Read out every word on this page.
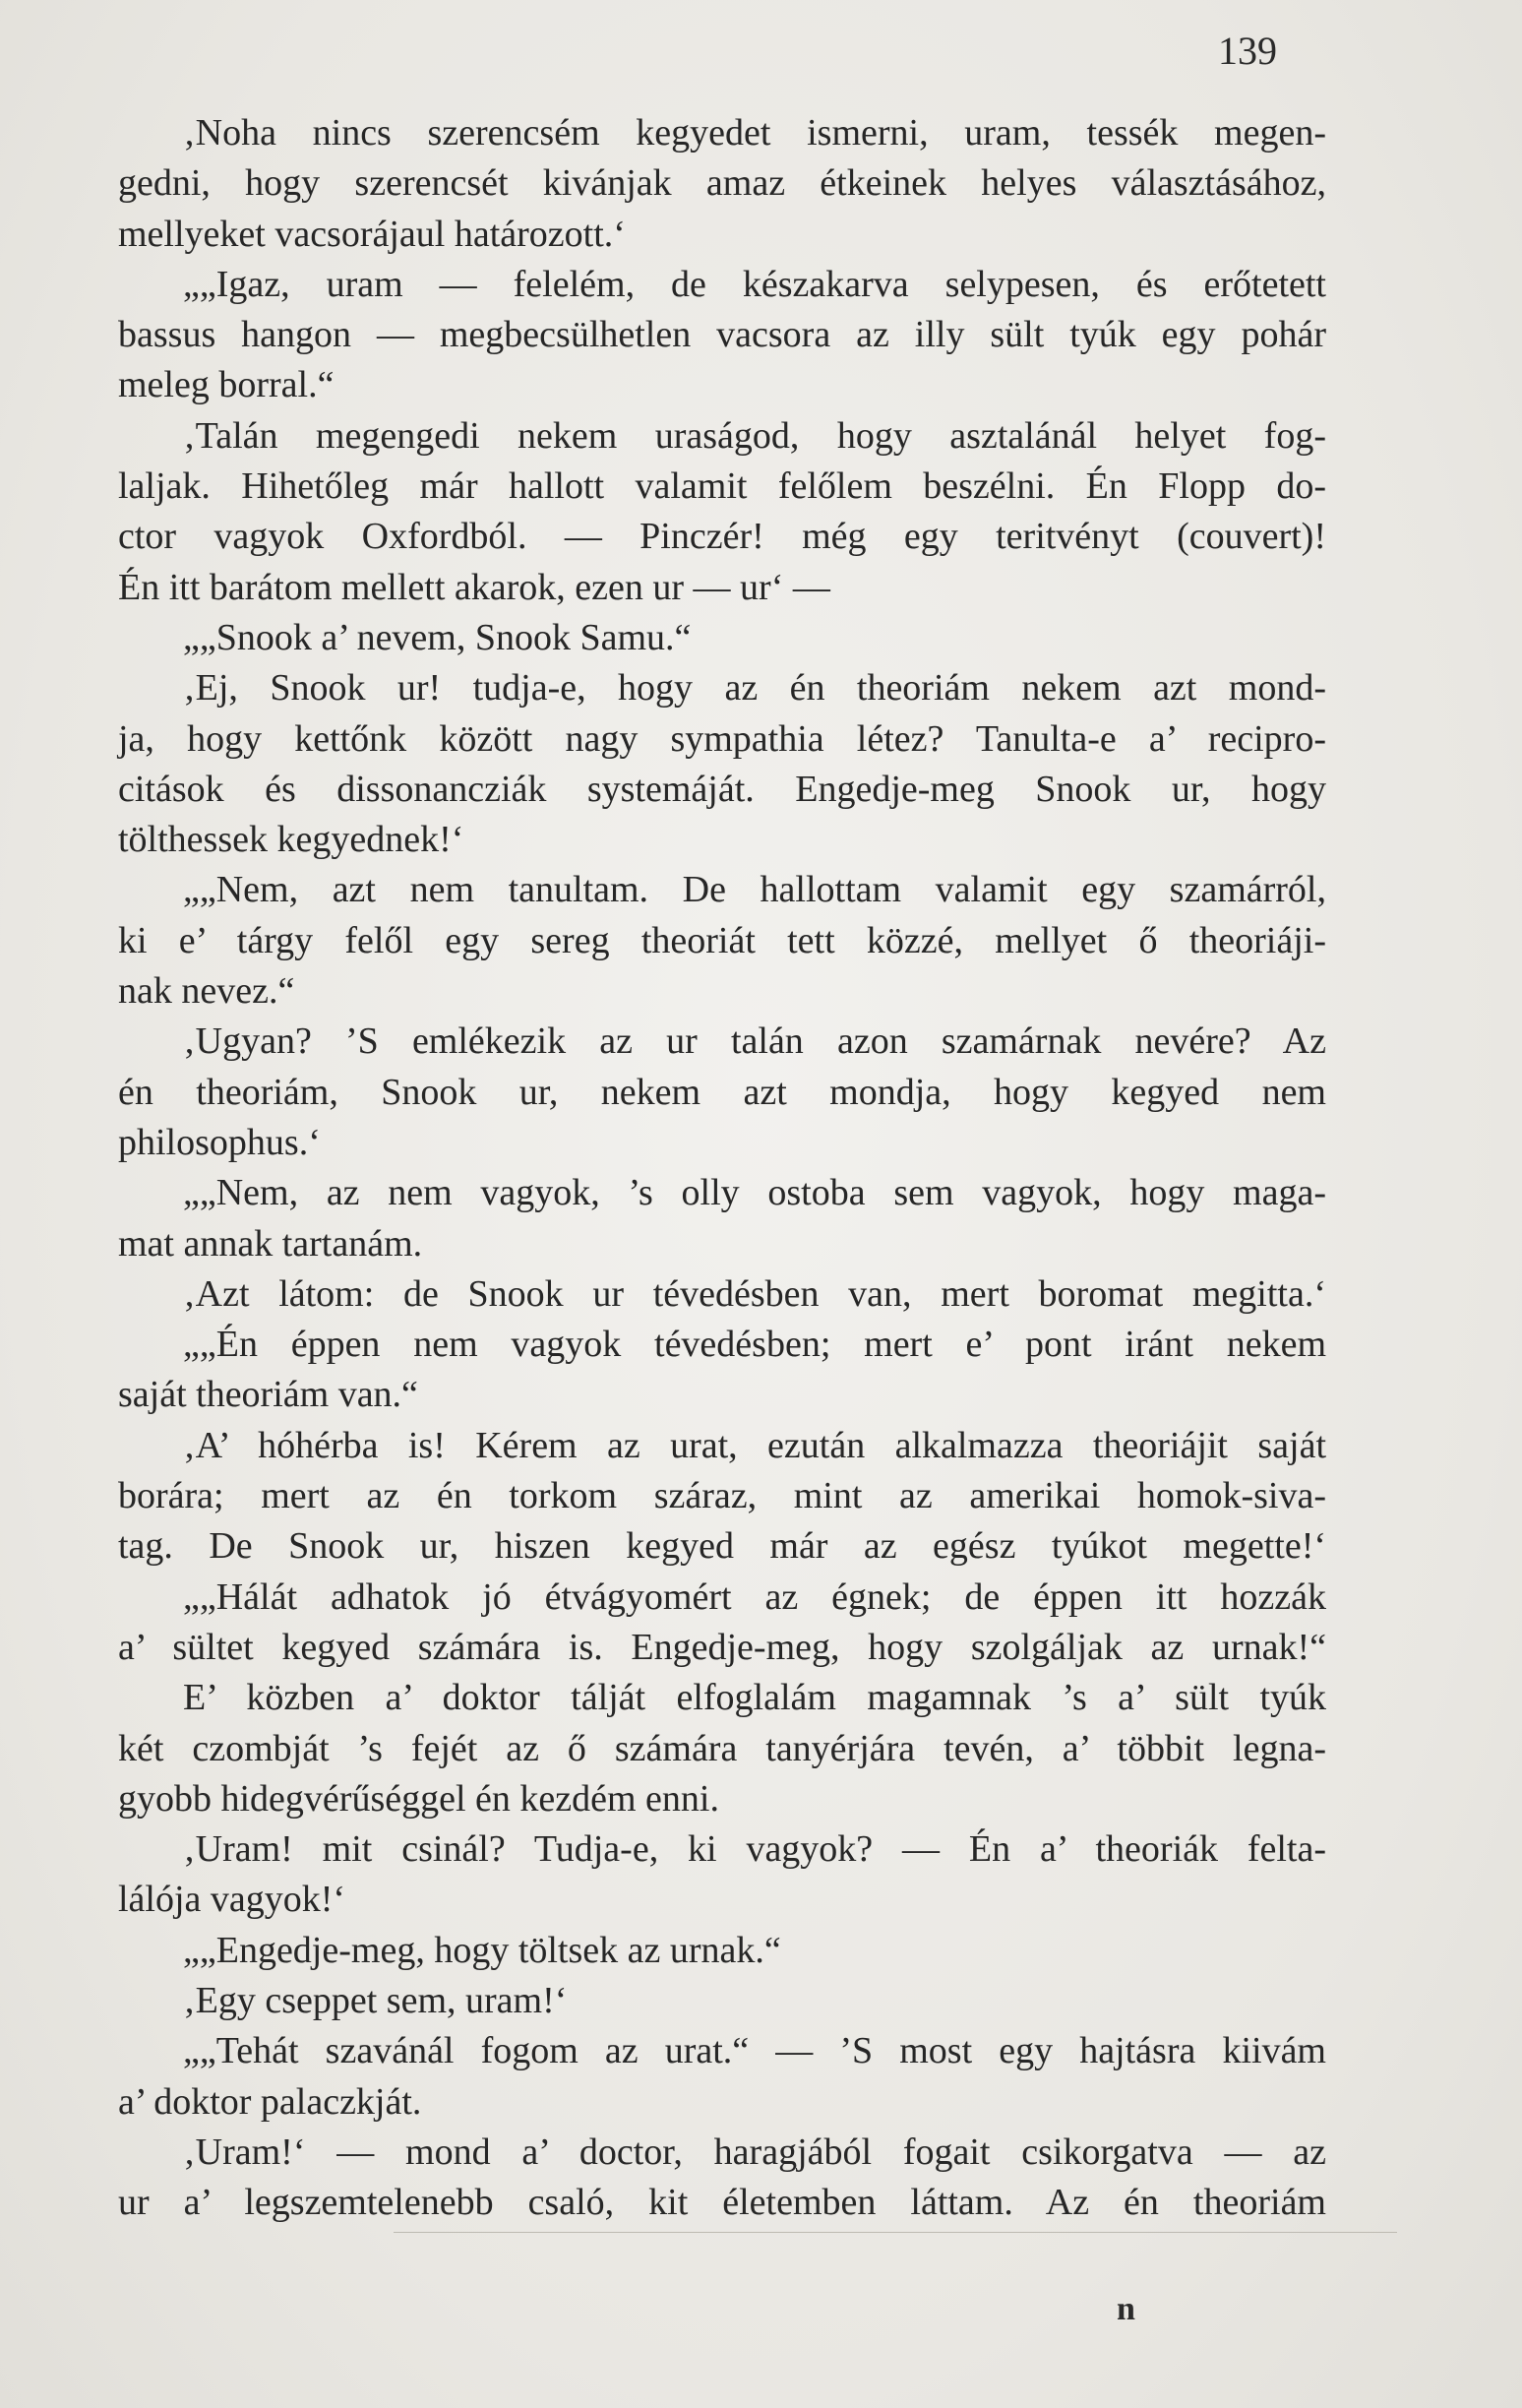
139
‚Noha nincs szerencsém kegyedet ismerni, uram, tessék megen-
gedni, hogy szerencsét kivánjak amaz étkeinek helyes választásához,
mellyeket vacsorájaul határozott.‘
„„Igaz, uram — felelém, de készakarva selypesen, és erőtetett
bassus hangon — megbecsülhetlen vacsora az illy sült tyúk egy pohár
meleg borral.“
‚Talán megengedi nekem uraságod, hogy asztalánál helyet fog-
laljak. Hihetőleg már hallott valamit felőlem beszélni. Én Flopp do-
ctor vagyok Oxfordból. — Pinczér! még egy teritvényt (couvert)!
Én itt barátom mellett akarok, ezen ur — ur‘ —
„„Snook a’ nevem, Snook Samu.“
‚Ej, Snook ur! tudja-e, hogy az én theoriám nekem azt mond-
ja, hogy kettőnk között nagy sympathia létez? Tanulta-e a’ recipro-
citások és dissonancziák systemáját. Engedje-meg Snook ur, hogy
tölthessek kegyednek!‘
„„Nem, azt nem tanultam. De hallottam valamit egy szamárról,
ki e’ tárgy felől egy sereg theoriát tett közzé, mellyet ő theoriáji-
nak nevez.“
‚Ugyan? ’S emlékezik az ur talán azon szamárnak nevére? Az
én theoriám, Snook ur, nekem azt mondja, hogy kegyed nem
philosophus.‘
„„Nem, az nem vagyok, ’s olly ostoba sem vagyok, hogy maga-
mat annak tartanám.
‚Azt látom: de Snook ur tévedésben van, mert boromat megitta.‘
„„Én éppen nem vagyok tévedésben; mert e’ pont iránt nekem
saját theoriám van.“
‚A’ hóhérba is! Kérem az urat, ezután alkalmazza theoriájit saját
borára; mert az én torkom száraz, mint az amerikai homok-siva-
tag. De Snook ur, hiszen kegyed már az egész tyúkot megette!‘
„„Hálát adhatok jó étvágyomért az égnek; de éppen itt hozzák
a’ sültet kegyed számára is. Engedje-meg, hogy szolgáljak az urnak!“
E’ közben a’ doktor tálját elfoglalám magamnak ’s a’ sült tyúk
két czombját ’s fejét az ő számára tanyérjára tevén, a’ többit legna-
gyobb hidegvérűséggel én kezdém enni.
‚Uram! mit csinál? Tudja-e, ki vagyok? — Én a’ theoriák felta-
lálója vagyok!‘
„„Engedje-meg, hogy töltsek az urnak.“
‚Egy cseppet sem, uram!‘
„„Tehát szavánál fogom az urat.“ — ’S most egy hajtásra kiivám
a’ doktor palaczkját.
‚Uram!‘ — mond a’ doctor, haragjából fogait csikorgatva — az
ur a’ legszemtelenebb csaló, kit életemben láttam. Az én theoriám
n
